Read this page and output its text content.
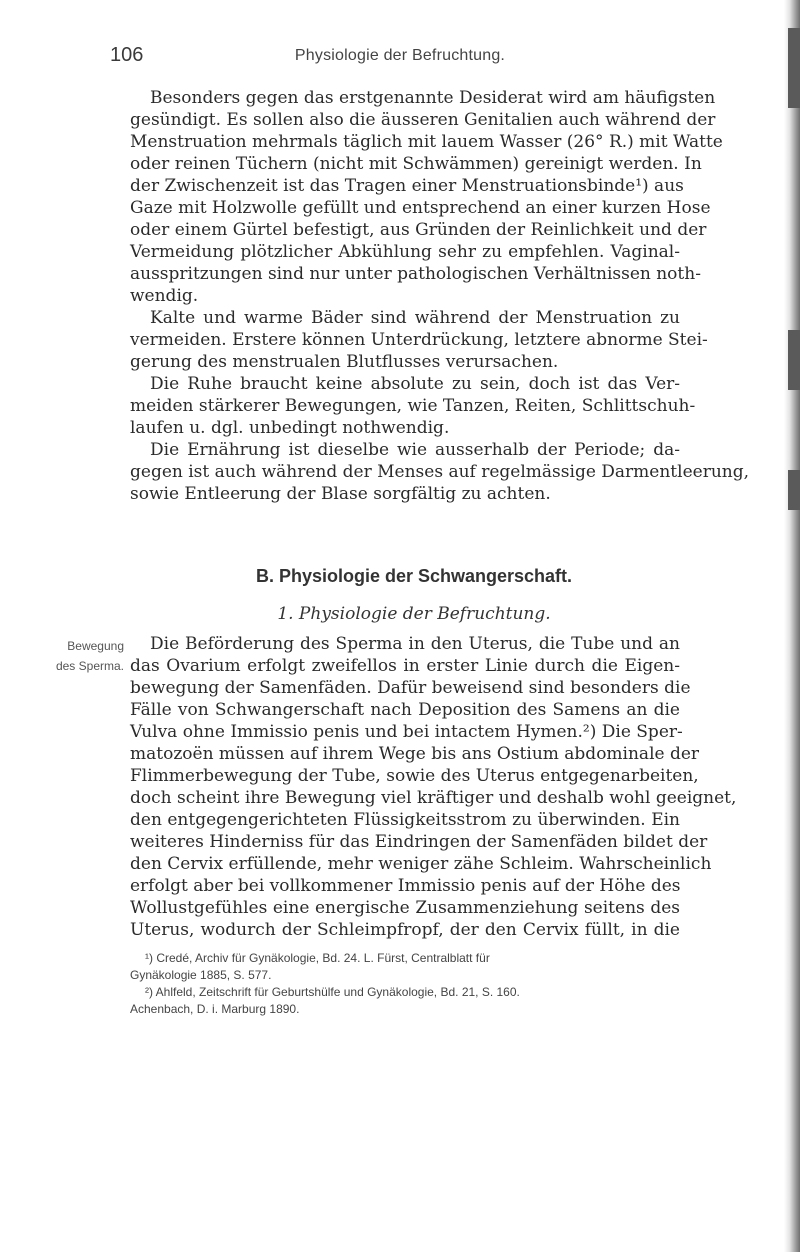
106	Physiologie der Befruchtung.
Besonders gegen das erstgenannte Desiderat wird am häufigsten
gesündigt. Es sollen also die äusseren Genitalien auch während der
Menstruation mehrmals täglich mit lauem Wasser (26° R.) mit Watte
oder reinen Tüchern (nicht mit Schwämmen) gereinigt werden. In
der Zwischenzeit ist das Tragen einer Menstruationsbinde¹) aus
Gaze mit Holzwolle gefüllt und entsprechend an einer kurzen Hose
oder einem Gürtel befestigt, aus Gründen der Reinlichkeit und der
Vermeidung plötzlicher Abkühlung sehr zu empfehlen. Vaginal-
ausspritzungen sind nur unter pathologischen Verhältnissen noth-
wendig.
Kalte und warme Bäder sind während der Menstruation zu
vermeiden. Erstere können Unterdrückung, letztere abnorme Stei-
gerung des menstrualen Blutflusses verursachen.
Die Ruhe braucht keine absolute zu sein, doch ist das Ver-
meiden stärkerer Bewegungen, wie Tanzen, Reiten, Schlittschuh-
laufen u. dgl. unbedingt nothwendig.
Die Ernährung ist dieselbe wie ausserhalb der Periode; da-
gegen ist auch während der Menses auf regelmässige Darmentleerung,
sowie Entleerung der Blase sorgfältig zu achten.
B. Physiologie der Schwangerschaft.
1. Physiologie der Befruchtung.
Bewegung
des Sperma.
Die Beförderung des Sperma in den Uterus, die Tube und an
das Ovarium erfolgt zweifellos in erster Linie durch die Eigen-
bewegung der Samenfäden. Dafür beweisend sind besonders die
Fälle von Schwangerschaft nach Deposition des Samens an die
Vulva ohne Immissio penis und bei intactem Hymen.²) Die Sper-
matozoën müssen auf ihrem Wege bis ans Ostium abdominale der
Flimmerbewegung der Tube, sowie des Uterus entgegenarbeiten,
doch scheint ihre Bewegung viel kräftiger und deshalb wohl geeignet,
den entgegengerichteten Flüssigkeitsstrom zu überwinden. Ein
weiteres Hinderniss für das Eindringen der Samenfäden bildet der
den Cervix erfüllende, mehr weniger zähe Schleim. Wahrscheinlich
erfolgt aber bei vollkommener Immissio penis auf der Höhe des
Wollustgefühles eine energische Zusammenziehung seitens des
Uterus, wodurch der Schleimpfropf, der den Cervix füllt, in die
¹) Credé, Archiv für Gynäkologie, Bd. 24. L. Fürst, Centralblatt für
Gynäkologie 1885, S. 577.
²) Ahlfeld, Zeitschrift für Geburtshülfe und Gynäkologie, Bd. 21, S. 160.
Achenbach, D. i. Marburg 1890.
